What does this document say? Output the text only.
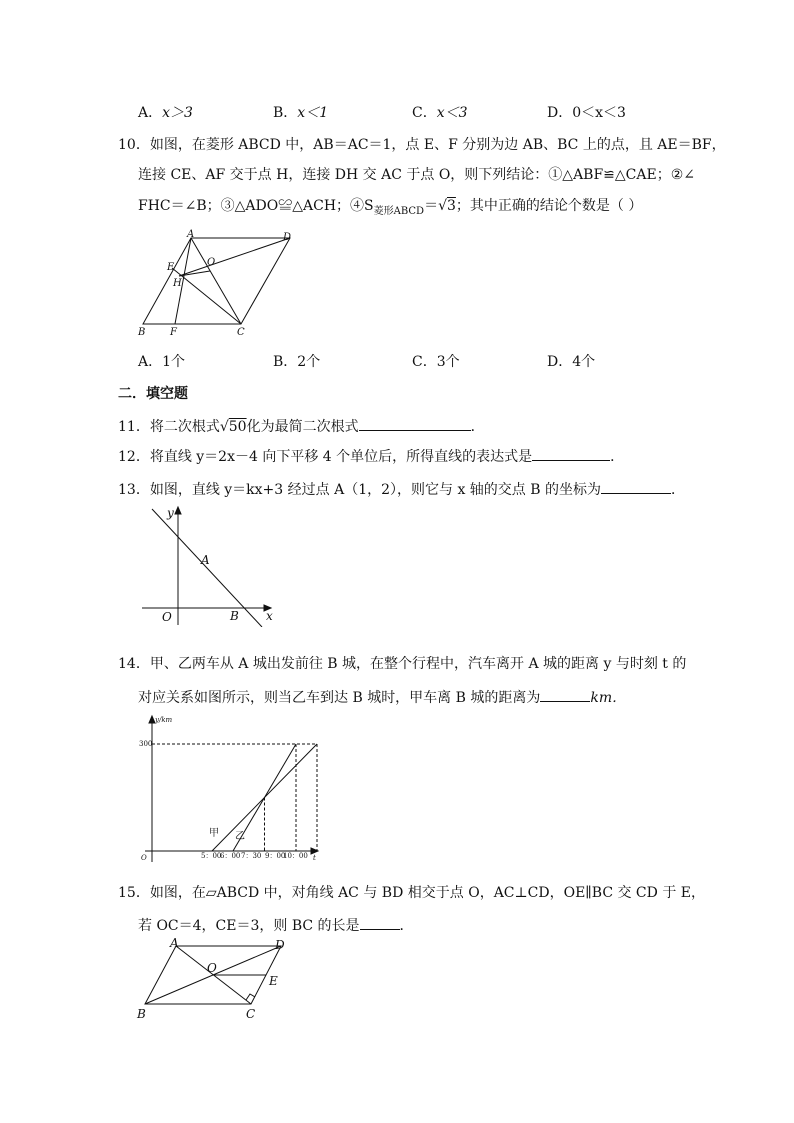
A．x＞3	B．x＜1	C．x＜3	D．0＜x＜3
10．如图，在菱形 ABCD 中，AB＝AC＝1，点 E、F 分别为边 AB、BC 上的点，且 AE＝BF，
连接 CE、AF 交于点 H，连接 DH 交 AC 于点 O，则下列结论：①△ABF≌△CAE；②∠
FHC＝∠B；③△ADO≌△ACH；$④S_{菱形ABCD}=√3$；其中正确的结论个数是（ ）
A	D
E	O
H
B F	C
A．1个	B．2个	C．3个	D．4个
二．填空题
11．将二次根式√50化为最简二次根式	．
12．将直线 y＝2x－4 向下平移 4 个单位后，所得直线的表达式是	．
13．如图，直线 y＝kx+3 经过点 A（1，2），则它与 x 轴的交点 B 的坐标为	．
y
A
O	B x
14．甲、乙两车从 A 城出发前往 B 城，在整个行程中，汽车离开 A 城的距离 y 与时刻 t 的
对应关系如图所示，则当乙车到达 B 城时，甲车离 B 城的距离为	km．
y/km
300
O	t
5：00
6：00 7：30 9：00
10：00
甲 乙
15．如图，在▱ABCD 中，对角线 AC 与 BD 相交于点 O，AC⊥CD，OE∥BC 交 CD 于 E，
若 OC＝4，CE＝3，则 BC 的长是	．
A	D
O
E
B	C
